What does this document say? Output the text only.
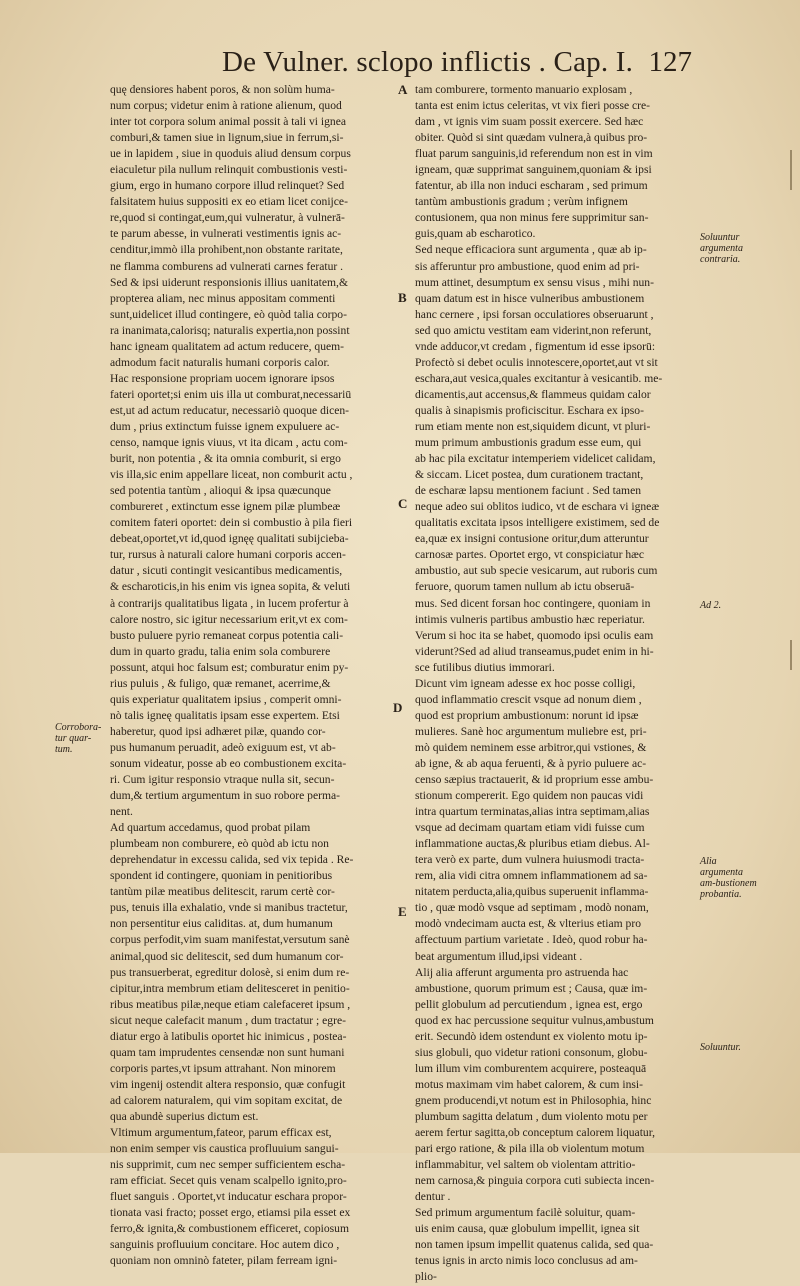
De Vulner. sclopo inflictis . Cap. I. 127
quę densiores habent poros, & non solùm huma-
num corpus; videtur enim à ratione alienum, quod
inter tot corpora solum animal possit à tali vi ignea
comburi,& tamen siue in lignum,siue in ferrum,si-
ue in lapidem , siue in quoduis aliud densum corpus
eiaculetur pila nullum relinquit combustionis vesti-
gium, ergo in humano corpore illud relinquet? Sed
falsitatem huius suppositi ex eo etiam licet conijce-
re,quod si contingat,eum,qui vulneratur, à vulnerā-
te parum abesse, in vulnerati vestimentis ignis ac-
cenditur,immò illa prohibent,non obstante raritate,
ne flamma comburens ad vulnerati carnes feratur .
Sed & ipsi uiderunt responsionis illius uanitatem,&
propterea aliam, nec minus appositam commenti
sunt,uidelicet illud contingere, eò quòd talia corpo-
ra inanimata,calorisq; naturalis expertia,non possint
hanc igneam qualitatem ad actum reducere, quem-
admodum facit naturalis humani corporis calor.
Hac responsione propriam uocem ignorare ipsos
fateri oportet;si enim uis illa ut comburat,necessariū
est,ut ad actum reducatur, necessariò quoque dicen-
dum , prius extinctum fuisse ignem expuluere ac-
censo, namque ignis viuus, vt ita dicam , actu com-
burit, non potentia , & ita omnia comburit, si ergo
vis illa,sic enim appellare liceat, non comburit actu ,
sed potentia tantùm , alioqui & ipsa quæcunque
combureret , extinctum esse ignem pilæ plumbeæ
comitem fateri oportet: dein si combustio à pila fieri
debeat,oportet,vt id,quod ignęę qualitati subijcieba-
tur, rursus à naturali calore humani corporis accen-
datur , sicuti contingit vesicantibus medicamentis,
& escharoticis,in his enim vis ignea sopita, & veluti
à contrarijs qualitatibus ligata , in lucem profertur à
calore nostro, sic igitur necessarium erit,vt ex com-
busto puluere pyrio remaneat corpus potentia cali-
dum in quarto gradu, talia enim sola comburere
possunt, atqui hoc falsum est; comburatur enim py-
rius puluis , & fuligo, quæ remanet, acerrime,&
quis experiatur qualitatem ipsius , comperit omni-
nò talis igneę qualitatis ipsam esse expertem. Etsi
haberetur, quod ipsi adhæret pilæ, quando cor-
pus humanum peruadit, adeò exiguum est, vt ab-
sonum videatur, posse ab eo combustionem excita-
ri. Cum igitur responsio vtraque nulla sit, secun-
dum,& tertium argumentum in suo robore perma-
nent.
Ad quartum accedamus, quod probat pilam
plumbeam non comburere, eò quòd ab ictu non
deprehendatur in excessu calida, sed vix tepida . Re-
spondent id contingere, quoniam in penitioribus
tantùm pilæ meatibus delitescit, rarum certè cor-
pus, tenuis illa exhalatio, vnde si manibus tractetur,
non persentitur eius caliditas. at, dum humanum
corpus perfodit,vim suam manifestat,versutum sanè
animal,quod sic delitescit, sed dum humanum cor-
pus transuerberat, egreditur dolosè, si enim dum re-
cipitur,intra membrum etiam delitesceret in penitio-
ribus meatibus pilæ,neque etiam calefaceret ipsum ,
sicut neque calefacit manum , dum tractatur ; egre-
diatur ergo à latibulis oportet hic inimicus , postea-
quam tam imprudentes censendæ non sunt humani
corporis partes,vt ipsum attrahant. Non minorem
vim ingenij ostendit altera responsio, quæ confugit
ad calorem naturalem, qui vim sopitam excitat, de
qua abundè superius dictum est.
Vltimum argumentum,fateor, parum efficax est,
non enim semper vis caustica profluuium sangui-
nis supprimit, cum nec semper sufficientem escha-
ram efficiat. Secet quis venam scalpello ignito,pro-
fluet sanguis . Oportet,vt inducatur eschara propor-
tionata vasi fracto; posset ergo, etiamsi pila esset ex
ferro,& ignita,& combustionem efficeret, copiosum
sanguinis profluuium concitare. Hoc autem dico ,
quoniam non omninò fateter, pilam ferream igni-
tam comburere, tormento manuario explosam ,
tanta est enim ictus celeritas, vt vix fieri posse cre-
dam , vt ignis vim suam possit exercere. Sed hæc
obiter. Quòd si sint quædam vulnera,à quibus pro-
fluat parum sanguinis,id referendum non est in vim
igneam, quæ supprimat sanguinem,quoniam & ipsi
fatentur, ab illa non induci escharam , sed primum
tantùm ambustionis gradum ; verùm infignem
contusionem, qua non minus fere supprimitur san-
guis,quam ab escharotico.
Sed neque efficaciora sunt argumenta , quæ ab ip-
sis afferuntur pro ambustione, quod enim ad pri-
mum attinet, desumptum ex sensu visus , mihi nun-
quam datum est in hisce vulneribus ambustionem
hanc cernere , ipsi forsan occulatiores obseruarunt ,
sed quo amictu vestitam eam viderint,non referunt,
vnde adducor,vt credam , figmentum id esse ipsorū:
Profectò si debet oculis innotescere,oportet,aut vt sit
eschara,aut vesica,quales excitantur à vesicantib. me-
dicamentis,aut accensus,& flammeus quidam calor
qualis à sinapismis proficiscitur. Eschara ex ipso-
rum etiam mente non est,siquidem dicunt, vt pluri-
mum primum ambustionis gradum esse eum, qui
ab hac pila excitatur intemperiem videlicet calidam,
& siccam. Licet postea, dum curationem tractant,
de escharæ lapsu mentionem faciunt . Sed tamen
neque adeo sui oblitos iudico, vt de eschara vi igneæ
qualitatis excitata ipsos intelligere existimem, sed de
ea,quæ ex insigni contusione oritur,dum atteruntur
carnosæ partes. Oportet ergo, vt conspiciatur hæc
ambustio, aut sub specie vesicarum, aut ruboris cum
feruore, quorum tamen nullum ab ictu obseruā-
mus. Sed dicent forsan hoc contingere, quoniam in
intimis vulneris partibus ambustio hæc reperiatur.
Verum si hoc ita se habet, quomodo ipsi oculis eam
viderunt?Sed ad aliud transeamus,pudet enim in hi-
sce futilibus diutius immorari.
Dicunt vim igneam adesse ex hoc posse colligi,
quod inflammatio crescit vsque ad nonum diem ,
quod est proprium ambustionum: norunt id ipsæ
mulieres. Sanè hoc argumentum muliebre est, pri-
mò quidem neminem esse arbitror,qui vstiones, &
ab igne, & ab aqua feruenti, & à pyrio puluere ac-
censo sæpius tractauerit, & id proprium esse ambu-
stionum compererit. Ego quidem non paucas vidi
intra quartum terminatas,alias intra septimam,alias
vsque ad decimam quartam etiam vidi fuisse cum
inflammatione auctas,& pluribus etiam diebus. Al-
tera verò ex parte, dum vulnera huiusmodi tracta-
rem, alia vidi citra omnem inflammationem ad sa-
nitatem perducta,alia,quibus superuenit inflamma-
tio , quæ modò vsque ad septimam , modò nonam,
modò vndecimam aucta est, & vlterius etiam pro
affectuum partium varietate . Ideò, quod robur ha-
beat argumentum illud,ipsi videant .
Alij alia afferunt argumenta pro astruenda hac
ambustione, quorum primum est ; Causa, quæ im-
pellit globulum ad percutiendum , ignea est, ergo
quod ex hac percussione sequitur vulnus,ambustum
erit. Secundò idem ostendunt ex violento motu ip-
sius globuli, quo videtur rationi consonum, globu-
lum illum vim comburentem acquirere, posteaquā
motus maximam vim habet calorem, & cum insi-
gnem producendi,vt notum est in Philosophia, hinc
plumbum sagitta delatum , dum violento motu per
aerem fertur sagitta,ob conceptum calorem liquatur,
pari ergo ratione, & pila illa ob violentum motum
inflammabitur, vel saltem ob violentam attritio-
nem carnosa,& pinguia corpora cuti subiecta incen-
dentur .
Sed primum argumentum facilè soluitur, quam-
uis enim causa, quæ globulum impellit, ignea sit
non tamen ipsum impellit quatenus calida, sed qua-
tenus ignis in arcto nimis loco conclusus ad am-
plio-
A
B
C
D
E
Soluuntur argumenta contraria.
Ad 2.
Alia argumenta am-bustionem probantia.
Soluuntur.
Corrobora-tur quar-tum.
